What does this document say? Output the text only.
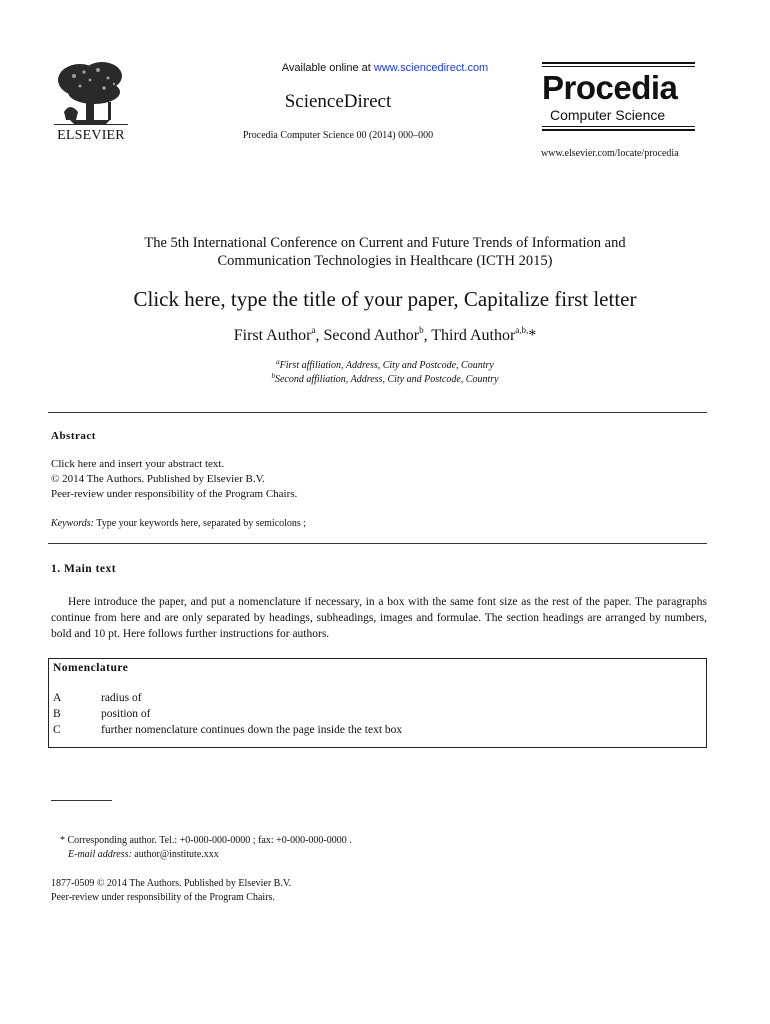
ELSEVIER
Available online at www.sciencedirect.com
ScienceDirect
Procedia Computer Science 00 (2014) 000–000
Procedia
Computer Science
www.elsevier.com/locate/procedia
The 5th International Conference on Current and Future Trends of Information and
Communication Technologies in Healthcare (ICTH 2015)
Click here, type the title of your paper, Capitalize first letter
First Author$^a$, Second Author$^b$, Third Author$^{a,b,}$*
$^a$First affiliation, Address, City and Postcode, Country
$^b$Second affiliation, Address, City and Postcode, Country
Abstract
Click here and insert your abstract text.
© 2014 The Authors. Published by Elsevier B.V.
Peer-review under responsibility of the Program Chairs.
Keywords: Type your keywords here, separated by semicolons ;
1. Main text
Here introduce the paper, and put a nomenclature if necessary, in a box with the same font size as the rest of the paper. The paragraphs continue from here and are only separated by headings, subheadings, images and formulae. The section headings are arranged by numbers, bold and 10 pt. Here follows further instructions for authors.
Nomenclature
A	radius of
B	position of
C	further nomenclature continues down the page inside the text box
* Corresponding author. Tel.: +0-000-000-0000 ; fax: +0-000-000-0000 .
E-mail address: author@institute.xxx
1877-0509 © 2014 The Authors. Published by Elsevier B.V.
Peer-review under responsibility of the Program Chairs.
